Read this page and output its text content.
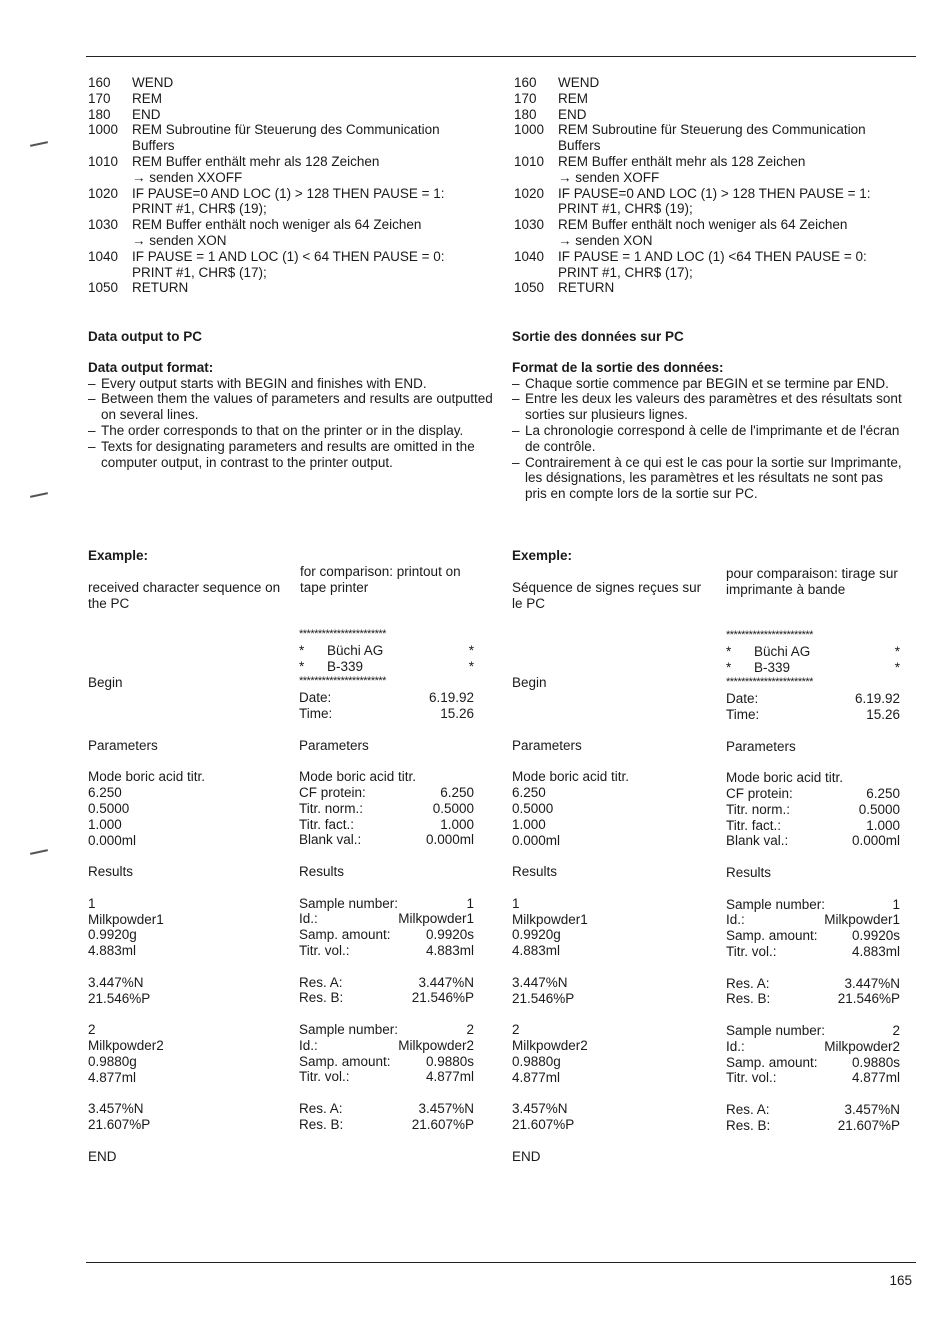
160	WEND
170	REM
180	END
1000	REM Subroutine für Steuerung des Communication
Buffers
1010	REM Buffer enthält mehr als 128 Zeichen
→ senden XXOFF
1020	IF PAUSE=0 AND LOC (1) > 128 THEN PAUSE = 1:
PRINT #1, CHR$ (19);
1030	REM Buffer enthält noch weniger als 64 Zeichen
→ senden XON
1040	IF PAUSE = 1 AND LOC (1) < 64 THEN PAUSE = 0:
PRINT #1, CHR$ (17);
1050	RETURN
160	WEND
170	REM
180	END
1000	REM Subroutine für Steuerung des Communication
Buffers
1010	REM Buffer enthält mehr als 128 Zeichen
→ senden XOFF
1020	IF PAUSE=0 AND LOC (1) > 128 THEN PAUSE = 1:
PRINT #1, CHR$ (19);
1030	REM Buffer enthält noch weniger als 64 Zeichen
→ senden XON
1040	IF PAUSE = 1 AND LOC (1) <64 THEN PAUSE = 0:
PRINT #1, CHR$ (17);
1050	RETURN

Data output to PC

Data output format:

– Every output starts with BEGIN and finishes with END.
– Between them the values of parameters and results are outputted on several lines.
– The order corresponds to that on the printer or in the display.
– Texts for designating parameters and results are omitted in the computer output, in contrast to the printer output.

Sortie des données sur PC

Format de la sortie des données:

– Chaque sortie commence par BEGIN et se termine par END.
– Entre les deux les valeurs des paramètres et des résultats sont sorties sur plusieurs lignes.
– La chronologie correspond à celle de l'imprimante et de l'écran de contrôle.
– Contrairement à ce qui est le cas pour la sortie sur Imprimante, les désignations, les paramètres et les résultats ne sont pas pris en compte lors de la sortie sur PC.
Example:	Exemple:
received character sequence on the PC
for comparison: printout on tape printer	Séquence de signes reçues sur le PC
pour comparaison: tirage sur imprimante à bande
Begin
Parameters
Mode boric acid titr.
6.250
0.5000
1.000
0.000ml
Results
1
Milkpowder1
0.9920g
4.883ml
3.447%N
21.546%P
2
Milkpowder2
0.9880g
4.877ml
3.457%N
21.607%P
END
Begin
Parameters
Mode boric acid titr.
6.250
0.5000
1.000
0.000ml
Results
1
Milkpowder1
0.9920g
4.883ml
3.447%N
21.546%P
2
Milkpowder2
0.9880g
4.877ml
3.457%N
21.607%P
END
***********************
*	Büchi AG	*
*	B-339	*
***********************
Date:	6.19.92
Time:	15.26
Parameters
Mode boric acid titr.
CF protein:	6.250
Titr. norm.:	0.5000
Titr. fact.:	1.000
Blank val.:	0.000ml
Results
Sample number:	1
Id.:	Milkpowder1
Samp. amount:	0.9920s
Titr. vol.:	4.883ml
Res. A:	3.447%N
Res. B:	21.546%P
Sample number:	2
Id.:	Milkpowder2
Samp. amount:	0.9880s
Titr. vol.:	4.877ml
Res. A:	3.457%N
Res. B:	21.607%P
***********************
*	Büchi AG	*
*	B-339	*
***********************
Date:	6.19.92
Time:	15.26
Parameters
Mode boric acid titr.
CF protein:	6.250
Titr. norm.:	0.5000
Titr. fact.:	1.000
Blank val.:	0.000ml
Results
Sample number:	1
Id.:	Milkpowder1
Samp. amount:	0.9920s
Titr. vol.:	4.883ml
Res. A:	3.447%N
Res. B:	21.546%P
Sample number:	2
Id.:	Milkpowder2
Samp. amount:	0.9880s
Titr. vol.:	4.877ml
Res. A:	3.457%N
Res. B:	21.607%P
165
